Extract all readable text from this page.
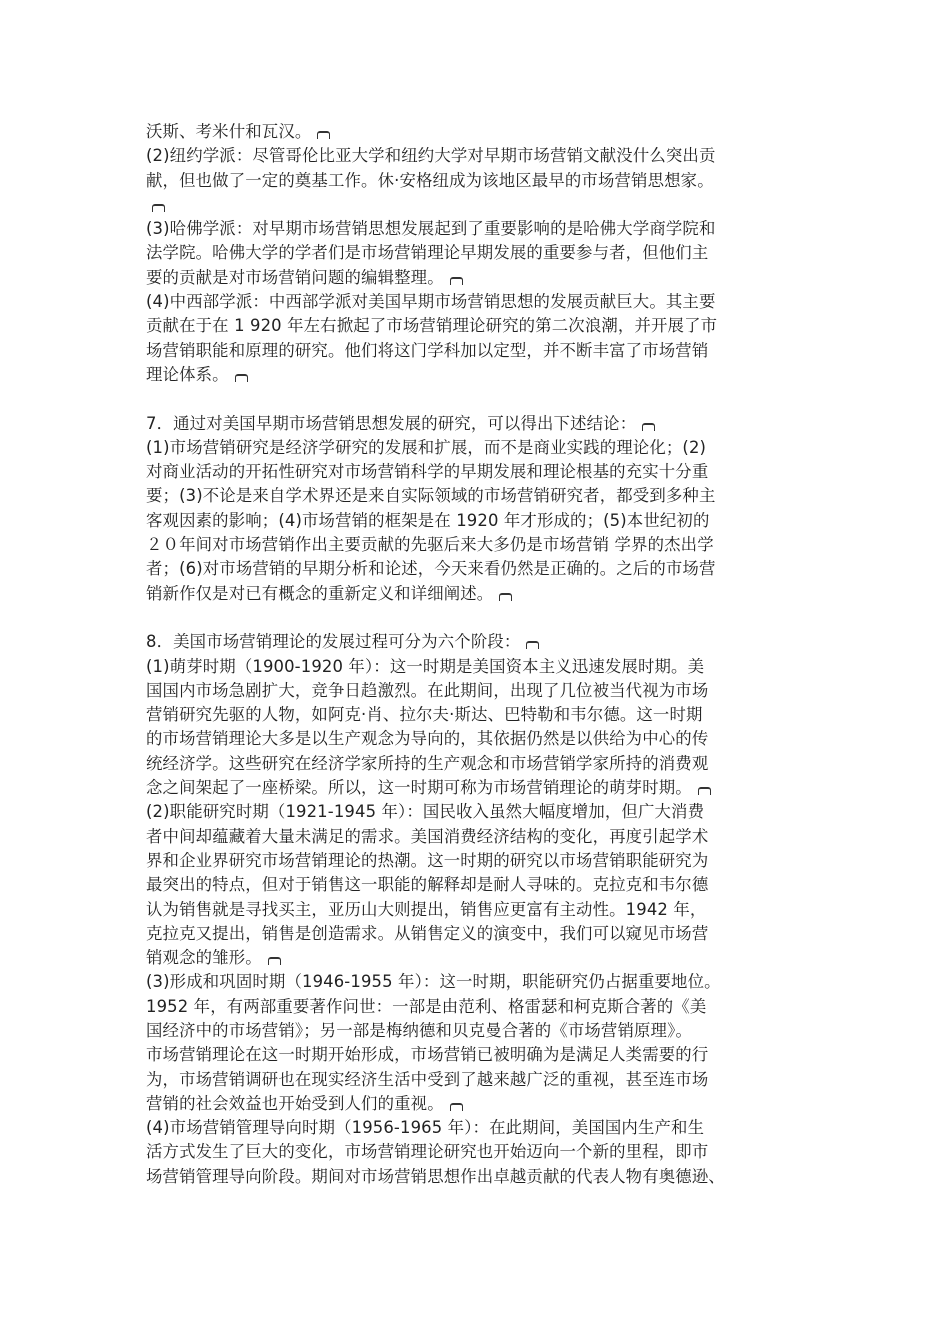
沃斯、考米什和瓦汉。
(2)纽约学派：尽管哥伦比亚大学和纽约大学对早期市场营销文献没什么突出贡
献，但也做了一定的奠基工作。休·安格纽成为该地区最早的市场营销思想家。
(3)哈佛学派：对早期市场营销思想发展起到了重要影响的是哈佛大学商学院和
法学院。哈佛大学的学者们是市场营销理论早期发展的重要参与者，但他们主
要的贡献是对市场营销问题的编辑整理。
(4)中西部学派：中西部学派对美国早期市场营销思想的发展贡献巨大。其主要
贡献在于在 1 920 年左右掀起了市场营销理论研究的第二次浪潮，并开展了市
场营销职能和原理的研究。他们将这门学科加以定型，并不断丰富了市场营销
理论体系。
7．通过对美国早期市场营销思想发展的研究，可以得出下述结论：
(1)市场营销研究是经济学研究的发展和扩展，而不是商业实践的理论化；(2)
对商业活动的开拓性研究对市场营销科学的早期发展和理论根基的充实十分重
要；(3)不论是来自学术界还是来自实际领域的市场营销研究者，都受到多种主
客观因素的影响；(4)市场营销的框架是在 1920 年才形成的；(5)本世纪初的
２０年间对市场营销作出主要贡献的先驱后来大多仍是市场营销 学界的杰出学
者；(6)对市场营销的早期分析和论述，今天来看仍然是正确的。之后的市场营
销新作仅是对已有概念的重新定义和详细阐述。
8．美国市场营销理论的发展过程可分为六个阶段：
(1)萌芽时期（1900-1920 年）：这一时期是美国资本主义迅速发展时期。美
国国内市场急剧扩大，竞争日趋激烈。在此期间，出现了几位被当代视为市场
营销研究先驱的人物，如阿克·肖、拉尔夫·斯达、巴特勒和韦尔德。这一时期
的市场营销理论大多是以生产观念为导向的，其依据仍然是以供给为中心的传
统经济学。这些研究在经济学家所持的生产观念和市场营销学家所持的消费观
念之间架起了一座桥梁。所以，这一时期可称为市场营销理论的萌芽时期。
(2)职能研究时期（1921-1945 年）：国民收入虽然大幅度增加，但广大消费
者中间却蕴藏着大量未满足的需求。美国消费经济结构的变化，再度引起学术
界和企业界研究市场营销理论的热潮。这一时期的研究以市场营销职能研究为
最突出的特点，但对于销售这一职能的解释却是耐人寻味的。克拉克和韦尔德
认为销售就是寻找买主，亚历山大则提出，销售应更富有主动性。1942 年，
克拉克又提出，销售是创造需求。从销售定义的演变中，我们可以窥见市场营
销观念的雏形。
(3)形成和巩固时期（1946-1955 年）：这一时期，职能研究仍占据重要地位。
1952 年，有两部重要著作问世：一部是由范利、格雷瑟和柯克斯合著的《美
国经济中的市场营销》；另一部是梅纳德和贝克曼合著的《市场营销原理》。
市场营销理论在这一时期开始形成，市场营销已被明确为是满足人类需要的行
为，市场营销调研也在现实经济生活中受到了越来越广泛的重视，甚至连市场
营销的社会效益也开始受到人们的重视。
(4)市场营销管理导向时期（1956-1965 年）：在此期间，美国国内生产和生
活方式发生了巨大的变化，市场营销理论研究也开始迈向一个新的里程，即市
场营销管理导向阶段。期间对市场营销思想作出卓越贡献的代表人物有奥德逊、
